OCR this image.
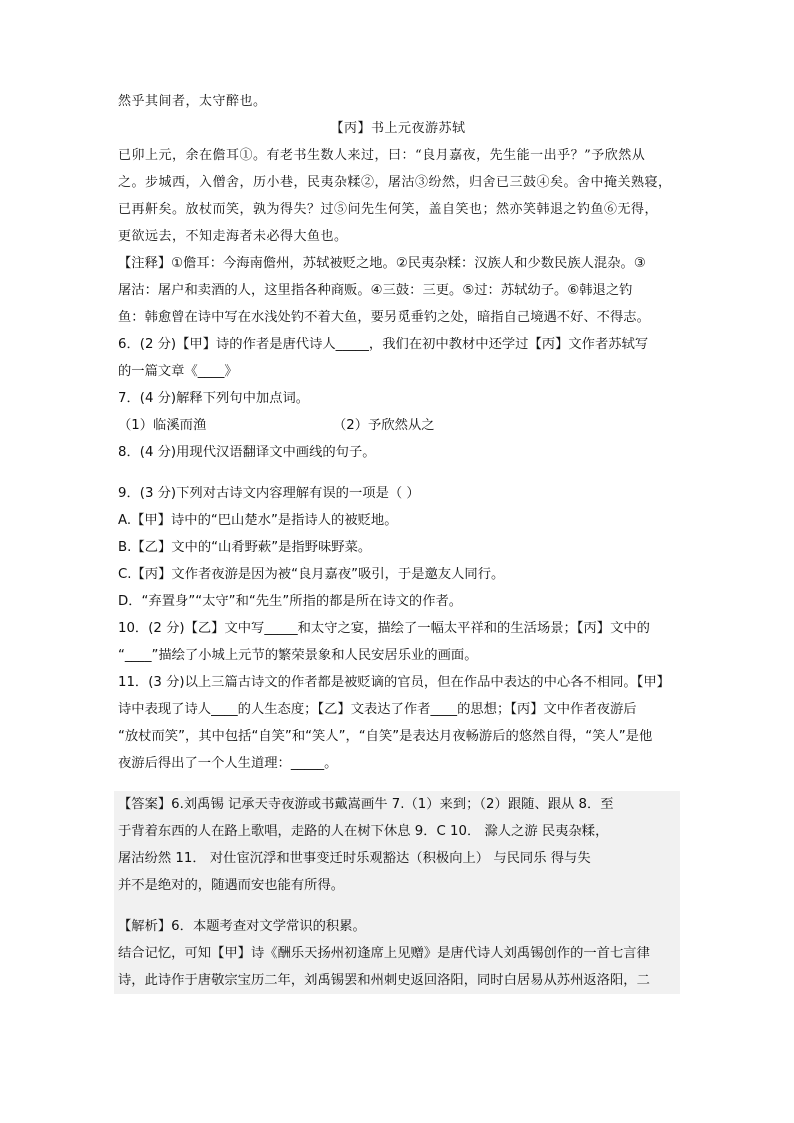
然乎其间者，太守醉也。

【丙】书上元夜游苏轼

已卯上元，余在儋耳①。有老书生数人来过，曰：“良月嘉夜，先生能一出乎？”予欣然从

之。步城西，入僧舍，历小巷，民夷杂糅②，屠沽③纷然，归舍已三鼓④矣。舍中掩关熟寝，

已再鼾矣。放杖而笑，孰为得失？过⑤问先生何笑，盖自笑也；然亦笑韩退之钓鱼⑥无得，

更欲远去，不知走海者未必得大鱼也。

【注释】①儋耳：今海南儋州，苏轼被贬之地。②民夷杂糅：汉族人和少数民族人混杂。③

屠沽：屠户和卖酒的人，这里指各种商贩。④三鼓：三更。⑤过：苏轼幼子。⑥韩退之钓

鱼：韩愈曾在诗中写在水浅处钓不着大鱼，要另觅垂钓之处，暗指自己境遇不好、不得志。

6．(2 分)【甲】诗的作者是唐代诗人_____，我们在初中教材中还学过【丙】文作者苏轼写

的一篇文章《____》

7．(4 分)解释下列句中加点词。

（1）临溪而渔	（2）予欣然从之

8．(4 分)用现代汉语翻译文中画线的句子。

9．(3 分)下列对古诗文内容理解有误的一项是（ ）

A.【甲】诗中的“巴山楚水”是指诗人的被贬地。

B.【乙】文中的“山肴野蔌”是指野味野菜。

C.【丙】文作者夜游是因为被“良月嘉夜”吸引，于是邀友人同行。

D．“弃置身”“太守”和“先生”所指的都是所在诗文的作者。

10．(2 分)【乙】文中写_____和太守之宴，描绘了一幅太平祥和的生活场景；【丙】文中的

“____”描绘了小城上元节的繁荣景象和人民安居乐业的画面。

11．(3 分)以上三篇古诗文的作者都是被贬谪的官员，但在作品中表达的中心各不相同。【甲】

诗中表现了诗人____的人生态度；【乙】文表达了作者____的思想；【丙】文中作者夜游后

“放杖而笑”，其中包括“自笑”和“笑人”，“自笑”是表达月夜畅游后的悠然自得，“笑人”是他

夜游后得出了一个人生道理：_____。

【答案】6.刘禹锡 记承天寺夜游或书戴嵩画牛 7.（1）来到；（2）跟随、跟从 8．至

于背着东西的人在路上歌唱，走路的人在树下休息 9．C 10． 滁人之游 民夷杂糅，

屠沽纷然 11． 对仕宦沉浮和世事变迁时乐观豁达（积极向上） 与民同乐 得与失

并不是绝对的，随遇而安也能有所得。

【解析】6．本题考查对文学常识的积累。

结合记忆，可知【甲】诗《酬乐天扬州初逢席上见赠》是唐代诗人刘禹锡创作的一首七言律

诗，此诗作于唐敬宗宝历二年，刘禹锡罢和州刺史返回洛阳，同时白居易从苏州返洛阳，二
